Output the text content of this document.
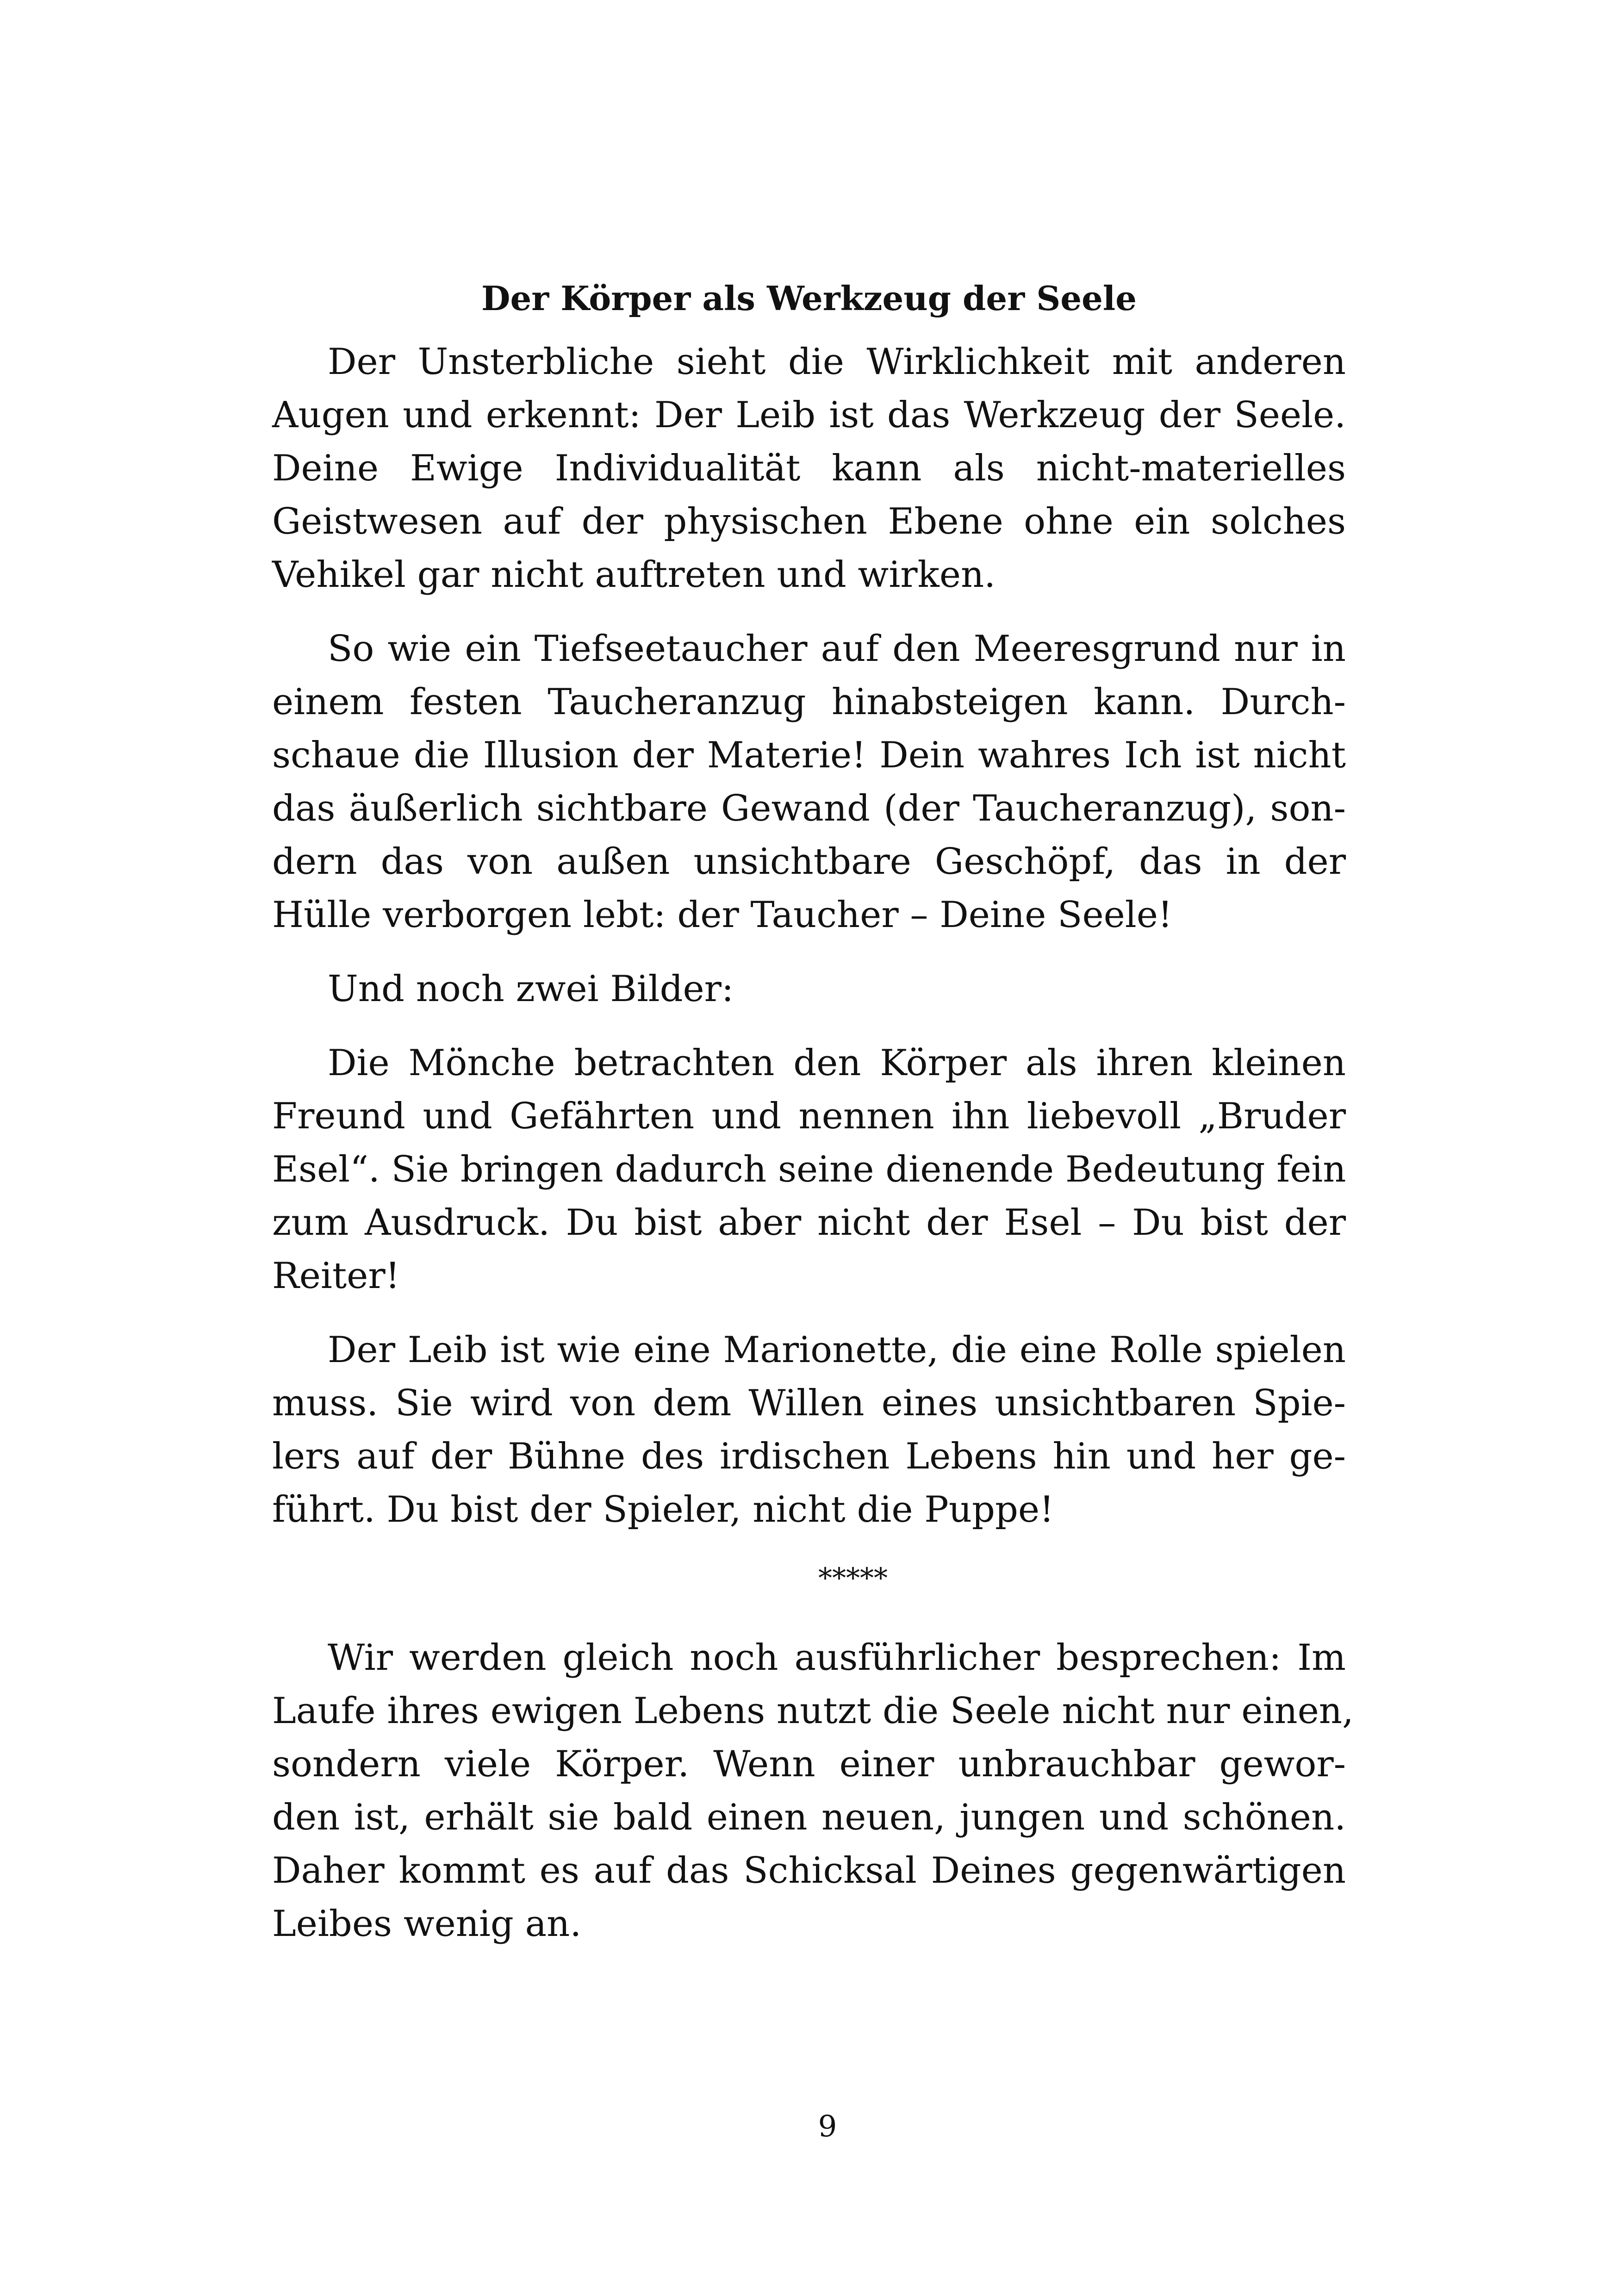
Der Körper als Werkzeug der Seele
Der Unsterbliche sieht die Wirklichkeit mit anderen
Augen und erkennt: Der Leib ist das Werkzeug der Seele.
Deine Ewige Individualität kann als nicht-materielles
Geistwesen auf der physischen Ebene ohne ein solches
Vehikel gar nicht auftreten und wirken.
So wie ein Tiefseetaucher auf den Meeresgrund nur in
einem festen Taucheranzug hinabsteigen kann. Durch-
schaue die Illusion der Materie! Dein wahres Ich ist nicht
das äußerlich sichtbare Gewand (der Taucheranzug), son-
dern das von außen unsichtbare Geschöpf, das in der
Hülle verborgen lebt: der Taucher – Deine Seele!
Und noch zwei Bilder:
Die Mönche betrachten den Körper als ihren kleinen
Freund und Gefährten und nennen ihn liebevoll „Bruder
Esel“. Sie bringen dadurch seine dienende Bedeutung fein
zum Ausdruck. Du bist aber nicht der Esel – Du bist der
Reiter!
Der Leib ist wie eine Marionette, die eine Rolle spielen
muss. Sie wird von dem Willen eines unsichtbaren Spie-
lers auf der Bühne des irdischen Lebens hin und her ge-
führt. Du bist der Spieler, nicht die Puppe!
*****
Wir werden gleich noch ausführlicher besprechen: Im
Laufe ihres ewigen Lebens nutzt die Seele nicht nur einen,
sondern viele Körper. Wenn einer unbrauchbar gewor-
den ist, erhält sie bald einen neuen, jungen und schönen.
Daher kommt es auf das Schicksal Deines gegenwärtigen
Leibes wenig an.
9
